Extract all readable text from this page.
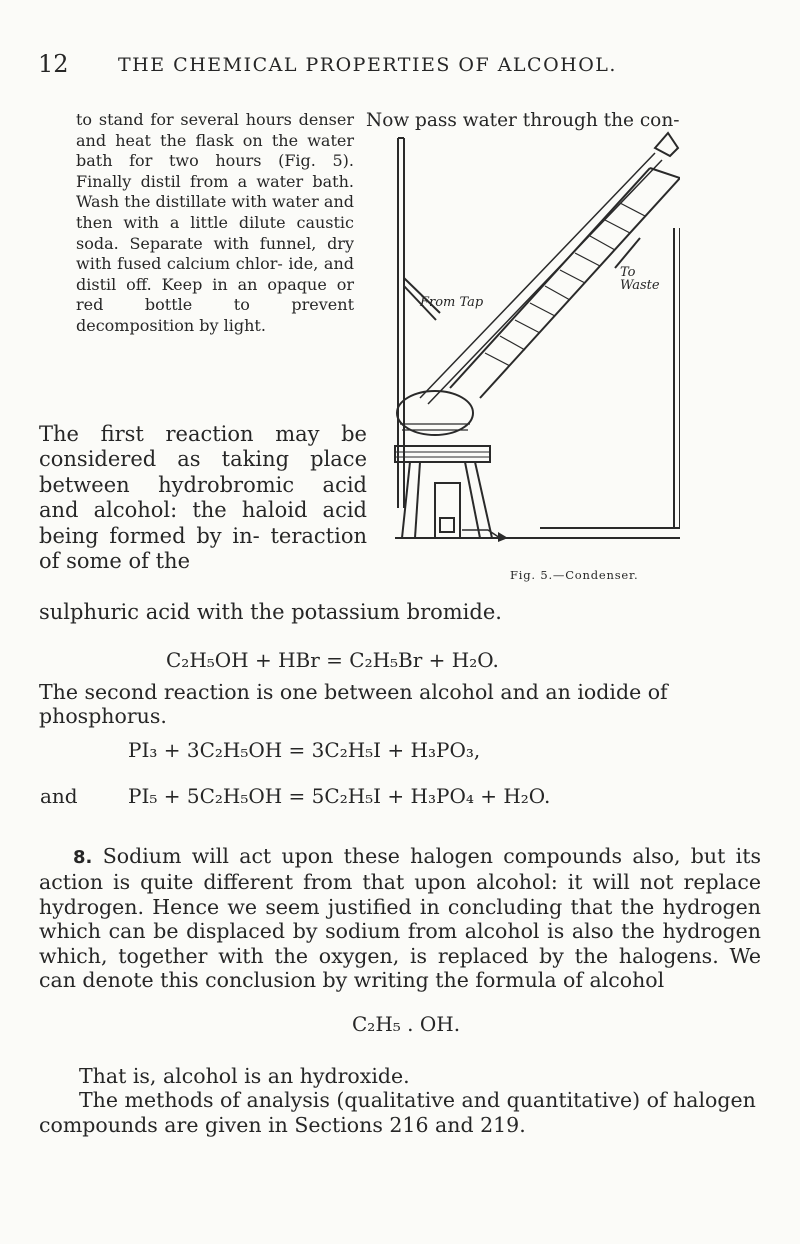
12	THE CHEMICAL PROPERTIES OF ALCOHOL.

to stand for several hours denser and heat the flask on the water bath for two hours (Fig. 5). Finally distil from a water bath. Wash the distillate with water and then with a little dilute caustic soda. Separate with funnel, dry with fused calcium chlor- ide, and distil off. Keep in an opaque or red bottle to prevent decomposition by light.

Now pass water through the con-
The first reaction may be considered as taking place between hydrobromic acid and alcohol: the haloid acid being formed by in- teraction of some of the
sulphuric acid with the potassium bromide.
From Tap
To Waste
Fig. 5.—Condenser.
C₂H₅OH + HBr = C₂H₅Br + H₂O.
The second reaction is one between alcohol and an iodide of phosphorus.
PI₃ + 3C₂H₅OH = 3C₂H₅I + H₃PO₃,
and	PI₅ + 5C₂H₅OH = 5C₂H₅I + H₃PO₄ + H₂O.
8. Sodium will act upon these halogen compounds also, but its action is quite different from that upon alcohol: it will not replace hydrogen. Hence we seem justified in concluding that the hydrogen which can be displaced by sodium from alcohol is also the hydrogen which, together with the oxygen, is replaced by the halogens. We can denote this conclusion by writing the formula of alcohol
C₂H₅ . OH.

That is, alcohol is an hydroxide.

The methods of analysis (qualitative and quantitative) of halogen compounds are given in Sections 216 and 219.
